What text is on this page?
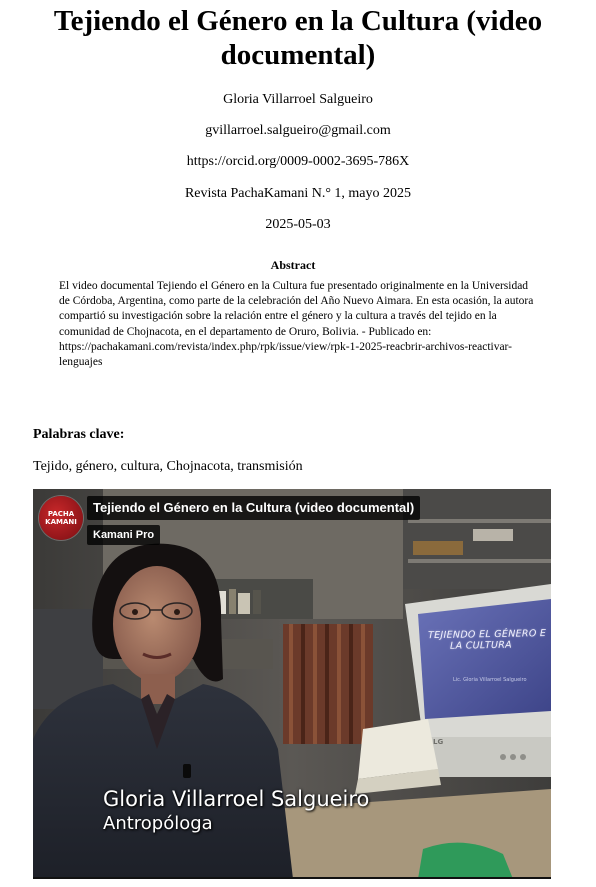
Tejiendo el Género en la Cultura (video documental)

Gloria Villarroel Salgueiro

gvillarroel.salgueiro@gmail.com

https://orcid.org/0009-0002-3695-786X

Revista PachaKamani N.° 1, mayo 2025

2025-05-03

Abstract

El video documental Tejiendo el Género en la Cultura fue presentado originalmente en la Universidad de Córdoba, Argentina, como parte de la celebración del Año Nuevo Aimara. En esta ocasión, la autora compartió su investigación sobre la relación entre el género y la cultura a través del tejido en la comunidad de Chojnacota, en el departamento de Oruro, Bolivia. - Publicado en: https://pachakamani.com/revista/index.php/rpk/issue/view/rpk-1-2025-reacbrir-archivos-reactivar-lenguajes

Palabras clave:

Tejido, género, cultura, Chojnacota, transmisión

LG
PACHA KAMANI
Tejiendo el Género en la Cultura (video documental)
Kamani Pro
TEJIENDO EL GÉNERO E
LA CULTURA
Lic. Gloria Villarroel Salgueiro
Gloria Villarroel Salgueiro
Antropóloga
